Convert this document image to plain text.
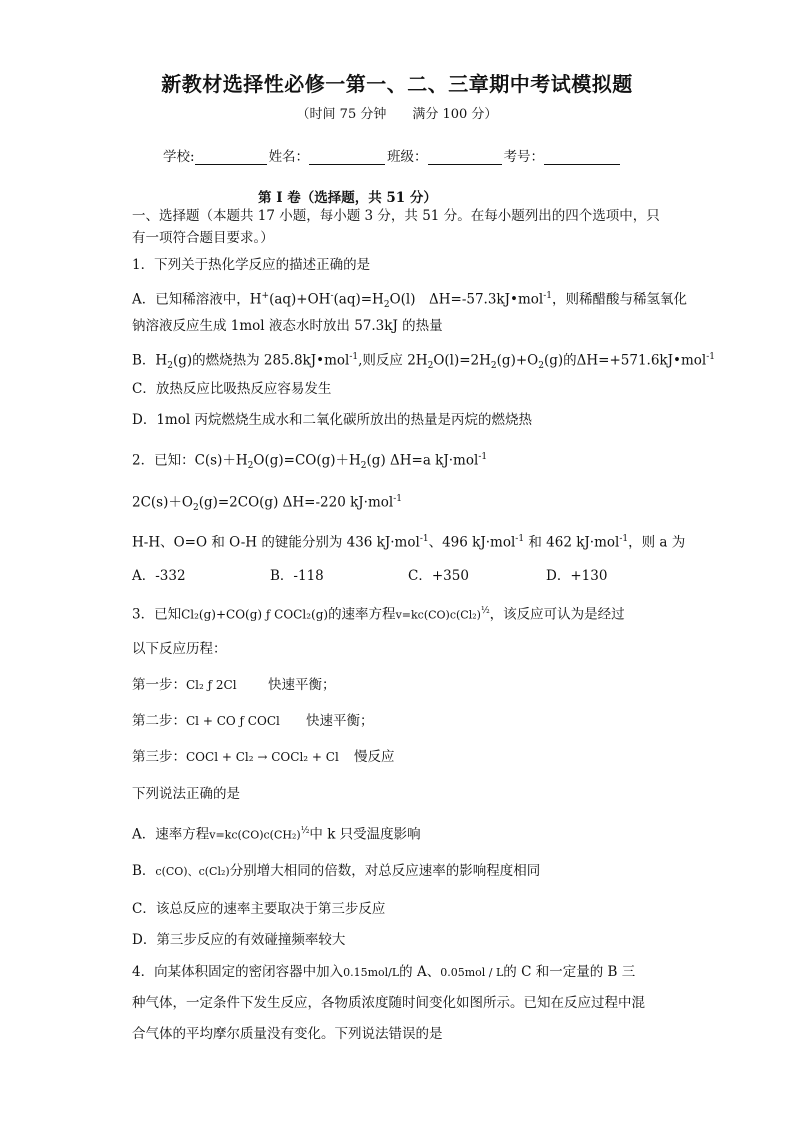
新教材选择性必修一第一、二、三章期中考试模拟题
（时间 75 分钟　　满分 100 分）
学校:	姓名：	班级：	考号：
第 I 卷（选择题，共 51 分）
一、选择题（本题共 17 小题，每小题 3 分，共 51 分。在每小题列出的四个选项中，只
有一项符合题目要求。）
1．下列关于热化学反应的描述正确的是
A．已知稀溶液中，$H^+(aq)+OH^-(aq)=H_2O(l)$　ΔH=-57.3kJ•mol$^{-1}$，则稀醋酸与稀氢氧化
钠溶液反应生成 1mol 液态水时放出 57.3kJ 的热量
B．$H_2(g)$的燃烧热为 285.8kJ•mol$^{-1}$,则反应 $2H_2O(l)=2H_2(g)+O_2(g)$的ΔH=+571.6kJ•mol$^{-1}$
C．放热反应比吸热反应容易发生
D．1mol 丙烷燃烧生成水和二氧化碳所放出的热量是丙烷的燃烧热
2．已知：$C(s)+H_2O(g)=CO(g)+H_2(g)$ ΔH=a kJ·mol$^{-1}$
$2C(s)+O_2(g)=2CO(g)$ ΔH=-220 kJ·mol$^{-1}$
H-H、O=O 和 O-H 的键能分别为 436 kJ·mol$^{-1}$、496 kJ·mol$^{-1}$ 和 462 kJ·mol$^{-1}$，则 a 为
A．-332	B．-118	C．+350	D．+130
3．已知Cl₂(g)+CO(g) ƒ COCl₂(g)的速率方程$v=kc(CO)c(Cl_2)^{\frac{1}{2}}$，该反应可认为是经过
以下反应历程：
第一步：Cl₂ ƒ 2Cl 快速平衡；
第二步：Cl + CO ƒ COCl 快速平衡；
第三步：COCl + Cl₂ → COCl₂ + Cl 慢反应
下列说法正确的是
A．速率方程$v=kc(CO)c(CH_2)^{\frac{1}{2}}$中 k 只受温度影响
B．c(CO)、c(Cl₂)分别增大相同的倍数，对总反应速率的影响程度相同
C．该总反应的速率主要取决于第三步反应
D．第三步反应的有效碰撞频率较大
4．向某体积固定的密闭容器中加入0.15mol/L的 A、0.05mol / L的 C 和一定量的 B 三
种气体，一定条件下发生反应，各物质浓度随时间变化如图所示。已知在反应过程中混
合气体的平均摩尔质量没有变化。下列说法错误的是
